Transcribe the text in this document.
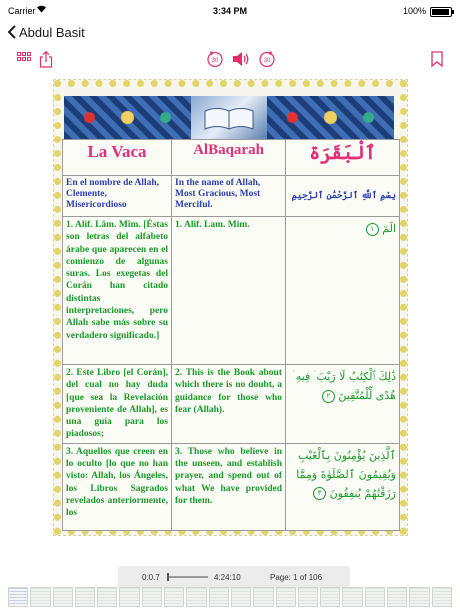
Carrier	3:34 PM	100%
Abdul Basit
30	30
La Vaca	AlBaqarah	ٱلْبَقَرَة
En el nombre de Allah, Clemente, Misericordioso	In the name of Allah, Most Gracious, Most Merciful.	بِسْمِ ٱللَّهِ ٱلرَّحْمَٰنِ ٱلرَّحِيمِ
1. Alif. Lâm. Mîm. [Éstas son letras del alfabeto árabe que aparecen en el comienzo de algunas suras. Los exegetas del Corán han citado distintas interpretaciones, pero Allah sabe más sobre su verdadero significado.]	1. Alif. Lam. Mim.	الٓمٓ ١
2. Este Libro [el Corán], del cual no hay duda [que sea la Revelación proveniente de Allah], es una guía para los piadosos;	2. This is the Book about which there is no doubt, a guidance for those who fear (Allah).	ذَٰلِكَ ٱلْكِتَٰبُ لَا رَيْبَ ۛ فِيهِ ۛ هُدًى لِّلْمُتَّقِينَ ٢
3. Aquellos que creen en lo oculto [lo que no han visto: Allah, los Ángeles, los Libros Sagrados revelados anteriormente, los	3. Those who believe in the unseen, and establish prayer, and spend out of what We have provided for them.	ٱلَّذِينَ يُؤْمِنُونَ بِٱلْغَيْبِ وَيُقِيمُونَ ٱلصَّلَوٰةَ وَمِمَّا رَزَقْنَٰهُمْ يُنفِقُونَ ٣
0:0.7	4:24:10	Page: 1 of 106
